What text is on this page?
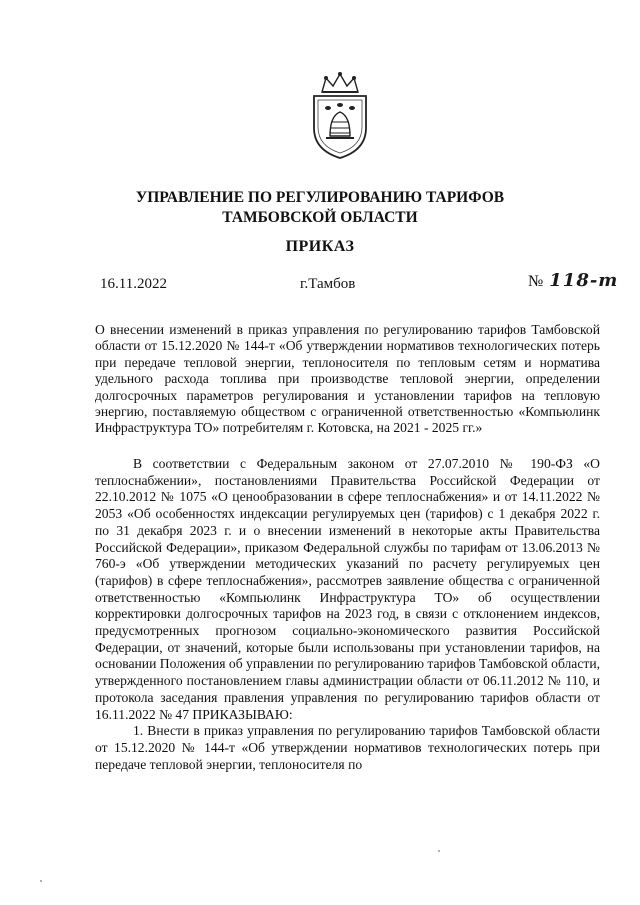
УПРАВЛЕНИЕ ПО РЕГУЛИРОВАНИЮ ТАРИФОВ
ТАМБОВСКОЙ ОБЛАСТИ
ПРИКАЗ
16.11.2022	г.Тамбов	№ 118-т
О внесении изменений в приказ управления по регулированию тарифов Тамбовской области от 15.12.2020 № 144-т «Об утверждении нормативов технологических потерь при передаче тепловой энергии, теплоносителя по тепловым сетям и норматива удельного расхода топлива при производстве тепловой энергии, определении долгосрочных параметров регулирования и установлении тарифов на тепловую энергию, поставляемую обществом с ограниченной ответственностью «Компьюлинк Инфраструктура ТО» потребителям г. Котовска, на 2021 - 2025 гг.»

В соответствии с Федеральным законом от 27.07.2010 № 190-ФЗ «О теплоснабжении», постановлениями Правительства Российской Федерации от 22.10.2012 № 1075 «О ценообразовании в сфере теплоснабжения» и от 14.11.2022 № 2053 «Об особенностях индексации регулируемых цен (тарифов) с 1 декабря 2022 г. по 31 декабря 2023 г. и о внесении изменений в некоторые акты Правительства Российской Федерации», приказом Федеральной службы по тарифам от 13.06.2013 № 760-э «Об утверждении методических указаний по расчету регулируемых цен (тарифов) в сфере теплоснабжения», рассмотрев заявление общества с ограниченной ответственностью «Компьюлинк Инфраструктура ТО» об осуществлении корректировки долгосрочных тарифов на 2023 год, в связи с отклонением индексов, предусмотренных прогнозом социально-экономического развития Российской Федерации, от значений, которые были использованы при установлении тарифов, на основании Положения об управлении по регулированию тарифов Тамбовской области, утвержденного постановлением главы администрации области от 06.11.2012 № 110, и протокола заседания правления управления по регулированию тарифов области от 16.11.2022 № 47 ПРИКАЗЫВАЮ:

1. Внести в приказ управления по регулированию тарифов Тамбовской области от 15.12.2020 № 144-т «Об утверждении нормативов технологических потерь при передаче тепловой энергии, теплоносителя по
